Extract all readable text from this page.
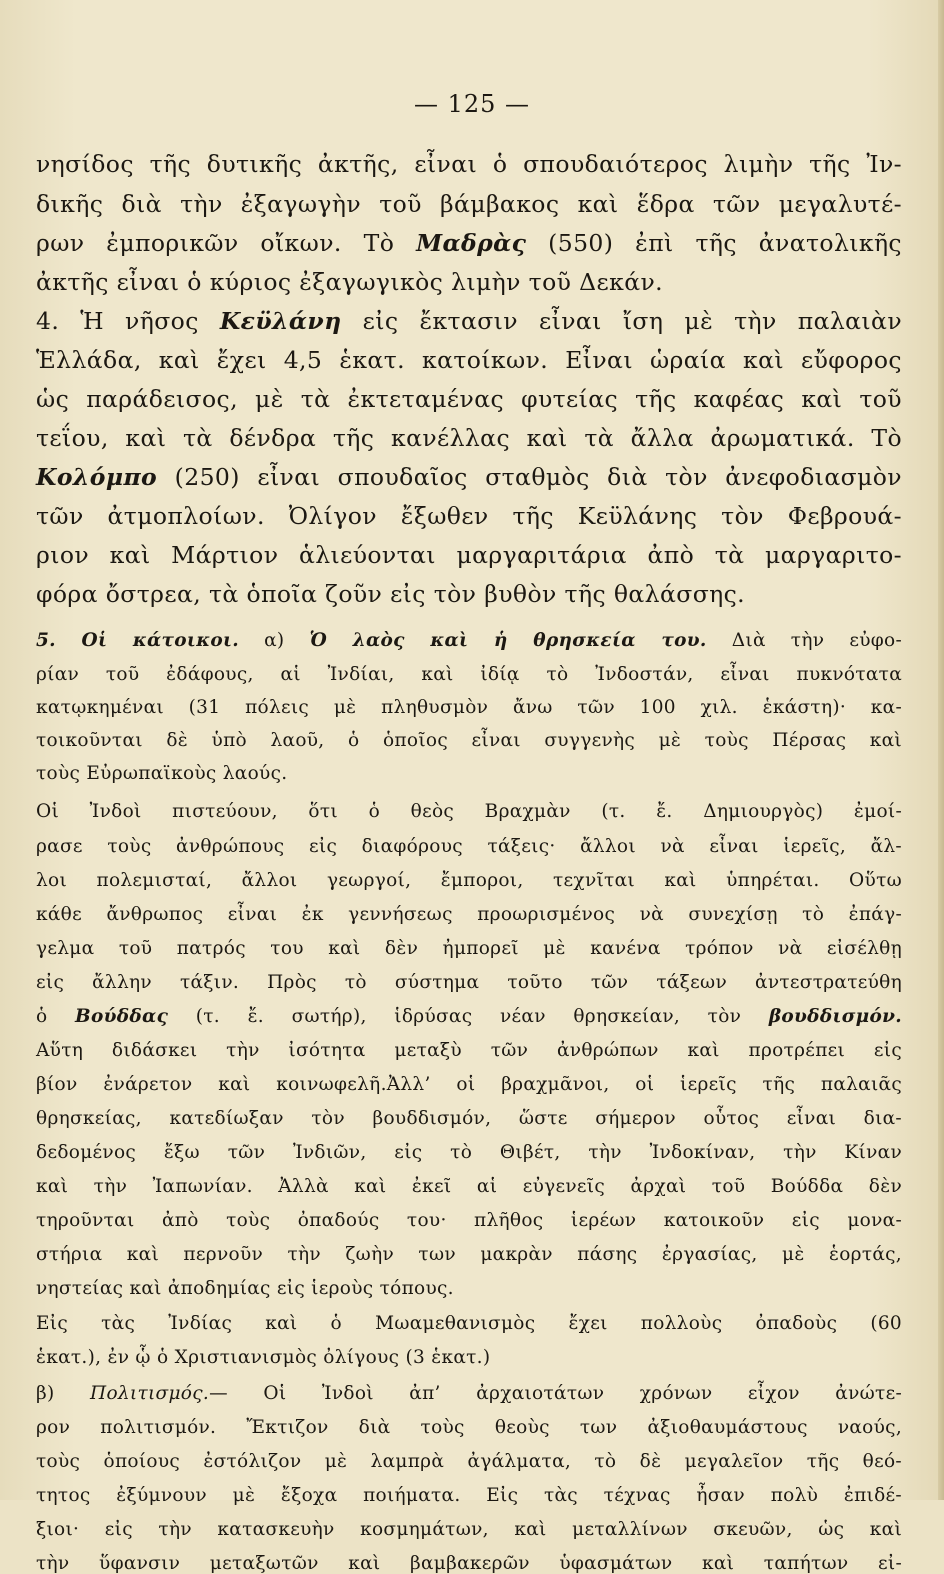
— 125 —
νησίδος τῆς δυτικῆς ἀκτῆς, εἶναι ὁ σπουδαιότερος λιμὴν τῆς Ἰν-
δικῆς διὰ τὴν ἐξαγωγὴν τοῦ βάμβακος καὶ ἕδρα τῶν μεγαλυτέ-
ρων ἐμπορικῶν οἴκων. Τὸ Μαδρὰς (550) ἐπὶ τῆς ἀνατολικῆς
ἀκτῆς εἶναι ὁ κύριος ἐξαγωγικὸς λιμὴν τοῦ Δεκάν.
4. Ἡ νῆσος Κεϋλάνη εἰς ἔκτασιν εἶναι ἴση μὲ τὴν παλαιὰν
Ἑλλάδα, καὶ ἔχει 4,5 ἑκατ. κατοίκων. Εἶναι ὡραία καὶ εὔφορος
ὡς παράδεισος, μὲ τὰ ἐκτεταμένας φυτείας τῆς καφέας καὶ τοῦ
τεΐου, καὶ τὰ δένδρα τῆς κανέλλας καὶ τὰ ἄλλα ἀρωματικά. Τὸ
Κολόμπο (250) εἶναι σπουδαῖος σταθμὸς διὰ τὸν ἀνεφοδιασμὸν
τῶν ἀτμοπλοίων. Ὀλίγον ἔξωθεν τῆς Κεϋλάνης τὸν Φεβρουά-
ριον καὶ Μάρτιον ἁλιεύονται μαργαριτάρια ἀπὸ τὰ μαργαριτο-
φόρα ὄστρεα, τὰ ὁποῖα ζοῦν εἰς τὸν βυθὸν τῆς θαλάσσης.
5. Οἱ κάτοικοι. α) Ὁ λαὸς καὶ ἡ θρησκεία του. Διὰ τὴν εὐφο-
ρίαν τοῦ ἐδάφους, αἱ Ἰνδίαι, καὶ ἰδίᾳ τὸ Ἰνδοστάν, εἶναι πυκνότατα
κατῳκημέναι (31 πόλεις μὲ πληθυσμὸν ἄνω τῶν 100 χιλ. ἑκάστη)· κα-
τοικοῦνται δὲ ὑπὸ λαοῦ, ὁ ὁποῖος εἶναι συγγενὴς μὲ τοὺς Πέρσας καὶ
τοὺς Εὐρωπαϊκοὺς λαούς.
Οἱ Ἰνδοὶ πιστεύουν, ὅτι ὁ θεὸς Βραχμὰν (τ. ἔ. Δημιουργὸς) ἐμοί-
ρασε τοὺς ἀνθρώπους εἰς διαφόρους τάξεις· ἄλλοι νὰ εἶναι ἱερεῖς, ἄλ-
λοι πολεμισταί, ἄλλοι γεωργοί, ἔμποροι, τεχνῖται καὶ ὑπηρέται. Οὕτω
κάθε ἄνθρωπος εἶναι ἐκ γεννήσεως προωρισμένος νὰ συνεχίσῃ τὸ ἐπάγ-
γελμα τοῦ πατρός του καὶ δὲν ἠμπορεῖ μὲ κανένα τρόπον νὰ εἰσέλθῃ
εἰς ἄλλην τάξιν. Πρὸς τὸ σύστημα τοῦτο τῶν τάξεων ἀντεστρατεύθη
ὁ Βούδδας (τ. ἔ. σωτήρ), ἱδρύσας νέαν θρησκείαν, τὸν βουδδισμόν.
Αὕτη διδάσκει τὴν ἰσότητα μεταξὺ τῶν ἀνθρώπων καὶ προτρέπει εἰς
βίον ἐνάρετον καὶ κοινωφελῆ.Ἀλλ’ οἱ βραχμᾶνοι, οἱ ἱερεῖς τῆς παλαιᾶς
θρησκείας, κατεδίωξαν τὸν βουδδισμόν, ὥστε σήμερον οὗτος εἶναι δια-
δεδομένος ἔξω τῶν Ἰνδιῶν, εἰς τὸ Θιβέτ, τὴν Ἰνδοκίναν, τὴν Κίναν
καὶ τὴν Ἰαπωνίαν. Ἀλλὰ καὶ ἐκεῖ αἱ εὐγενεῖς ἀρχαὶ τοῦ Βούδδα δὲν
τηροῦνται ἀπὸ τοὺς ὀπαδούς του· πλῆθος ἱερέων κατοικοῦν εἰς μονα-
στήρια καὶ περνοῦν τὴν ζωὴν των μακρὰν πάσης ἐργασίας, μὲ ἑορτάς,
νηστείας καὶ ἀποδημίας εἰς ἱεροὺς τόπους.
Εἰς τὰς Ἰνδίας καὶ ὁ Μωαμεθανισμὸς ἔχει πολλοὺς ὀπαδοὺς (60
ἑκατ.), ἐν ᾧ ὁ Χριστιανισμὸς ὀλίγους (3 ἑκατ.)
β) Πολιτισμός.— Οἱ Ἰνδοὶ ἀπ’ ἀρχαιοτάτων χρόνων εἶχον ἀνώτε-
ρον πολιτισμόν. Ἔκτιζον διὰ τοὺς θεοὺς των ἀξιοθαυμάστους ναούς,
τοὺς ὁποίους ἐστόλιζον μὲ λαμπρὰ ἀγάλματα, τὸ δὲ μεγαλεῖον τῆς θεό-
τητος ἐξύμνουν μὲ ἔξοχα ποιήματα. Εἰς τὰς τέχνας ἦσαν πολὺ ἐπιδέ-
ξιοι· εἰς τὴν κατασκευὴν κοσμημάτων, καὶ μεταλλίνων σκευῶν, ὡς καὶ
τὴν ὕφανσιν μεταξωτῶν καὶ βαμβακερῶν ὑφασμάτων καὶ ταπήτων εἰ-
